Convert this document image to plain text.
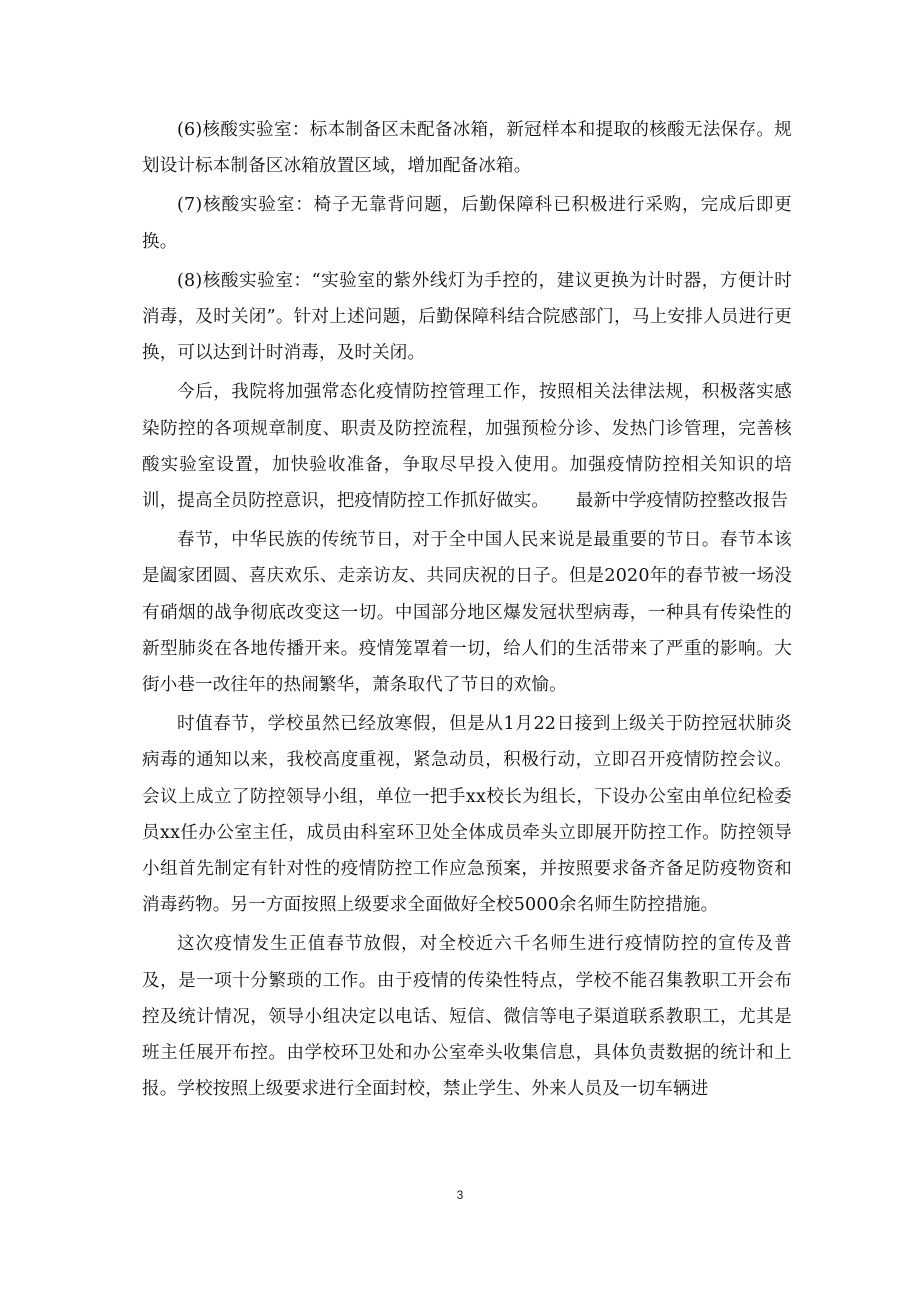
(6)核酸实验室：标本制备区未配备冰箱，新冠样本和提取的核酸无法保存。规划设计标本制备区冰箱放置区域，增加配备冰箱。

(7)核酸实验室：椅子无靠背问题，后勤保障科已积极进行采购，完成后即更换。

(8)核酸实验室：“实验室的紫外线灯为手控的，建议更换为计时器，方便计时消毒，及时关闭”。针对上述问题，后勤保障科结合院感部门，马上安排人员进行更换，可以达到计时消毒，及时关闭。

今后，我院将加强常态化疫情防控管理工作，按照相关法律法规，积极落实感染防控的各项规章制度、职责及防控流程，加强预检分诊、发热门诊管理，完善核酸实验室设置，加快验收准备，争取尽早投入使用。加强疫情防控相关知识的培训，提高全员防控意识，把疫情防控工作抓好做实。　　最新中学疫情防控整改报告

春节，中华民族的传统节日，对于全中国人民来说是最重要的节日。春节本该是阖家团圆、喜庆欢乐、走亲访友、共同庆祝的日子。但是2020年的春节被一场没有硝烟的战争彻底改变这一切。中国部分地区爆发冠状型病毒，一种具有传染性的新型肺炎在各地传播开来。疫情笼罩着一切，给人们的生活带来了严重的影响。大街小巷一改往年的热闹繁华，萧条取代了节日的欢愉。

时值春节，学校虽然已经放寒假，但是从1月22日接到上级关于防控冠状肺炎病毒的通知以来，我校高度重视，紧急动员，积极行动，立即召开疫情防控会议。会议上成立了防控领导小组，单位一把手xx校长为组长，下设办公室由单位纪检委员xx任办公室主任，成员由科室环卫处全体成员牵头立即展开防控工作。防控领导小组首先制定有针对性的疫情防控工作应急预案，并按照要求备齐备足防疫物资和消毒药物。另一方面按照上级要求全面做好全校5000余名师生防控措施。

这次疫情发生正值春节放假，对全校近六千名师生进行疫情防控的宣传及普及，是一项十分繁琐的工作。由于疫情的传染性特点，学校不能召集教职工开会布控及统计情况，领导小组决定以电话、短信、微信等电子渠道联系教职工，尤其是班主任展开布控。由学校环卫处和办公室牵头收集信息，具体负责数据的统计和上报。学校按照上级要求进行全面封校，禁止学生、外来人员及一切车辆进

3
